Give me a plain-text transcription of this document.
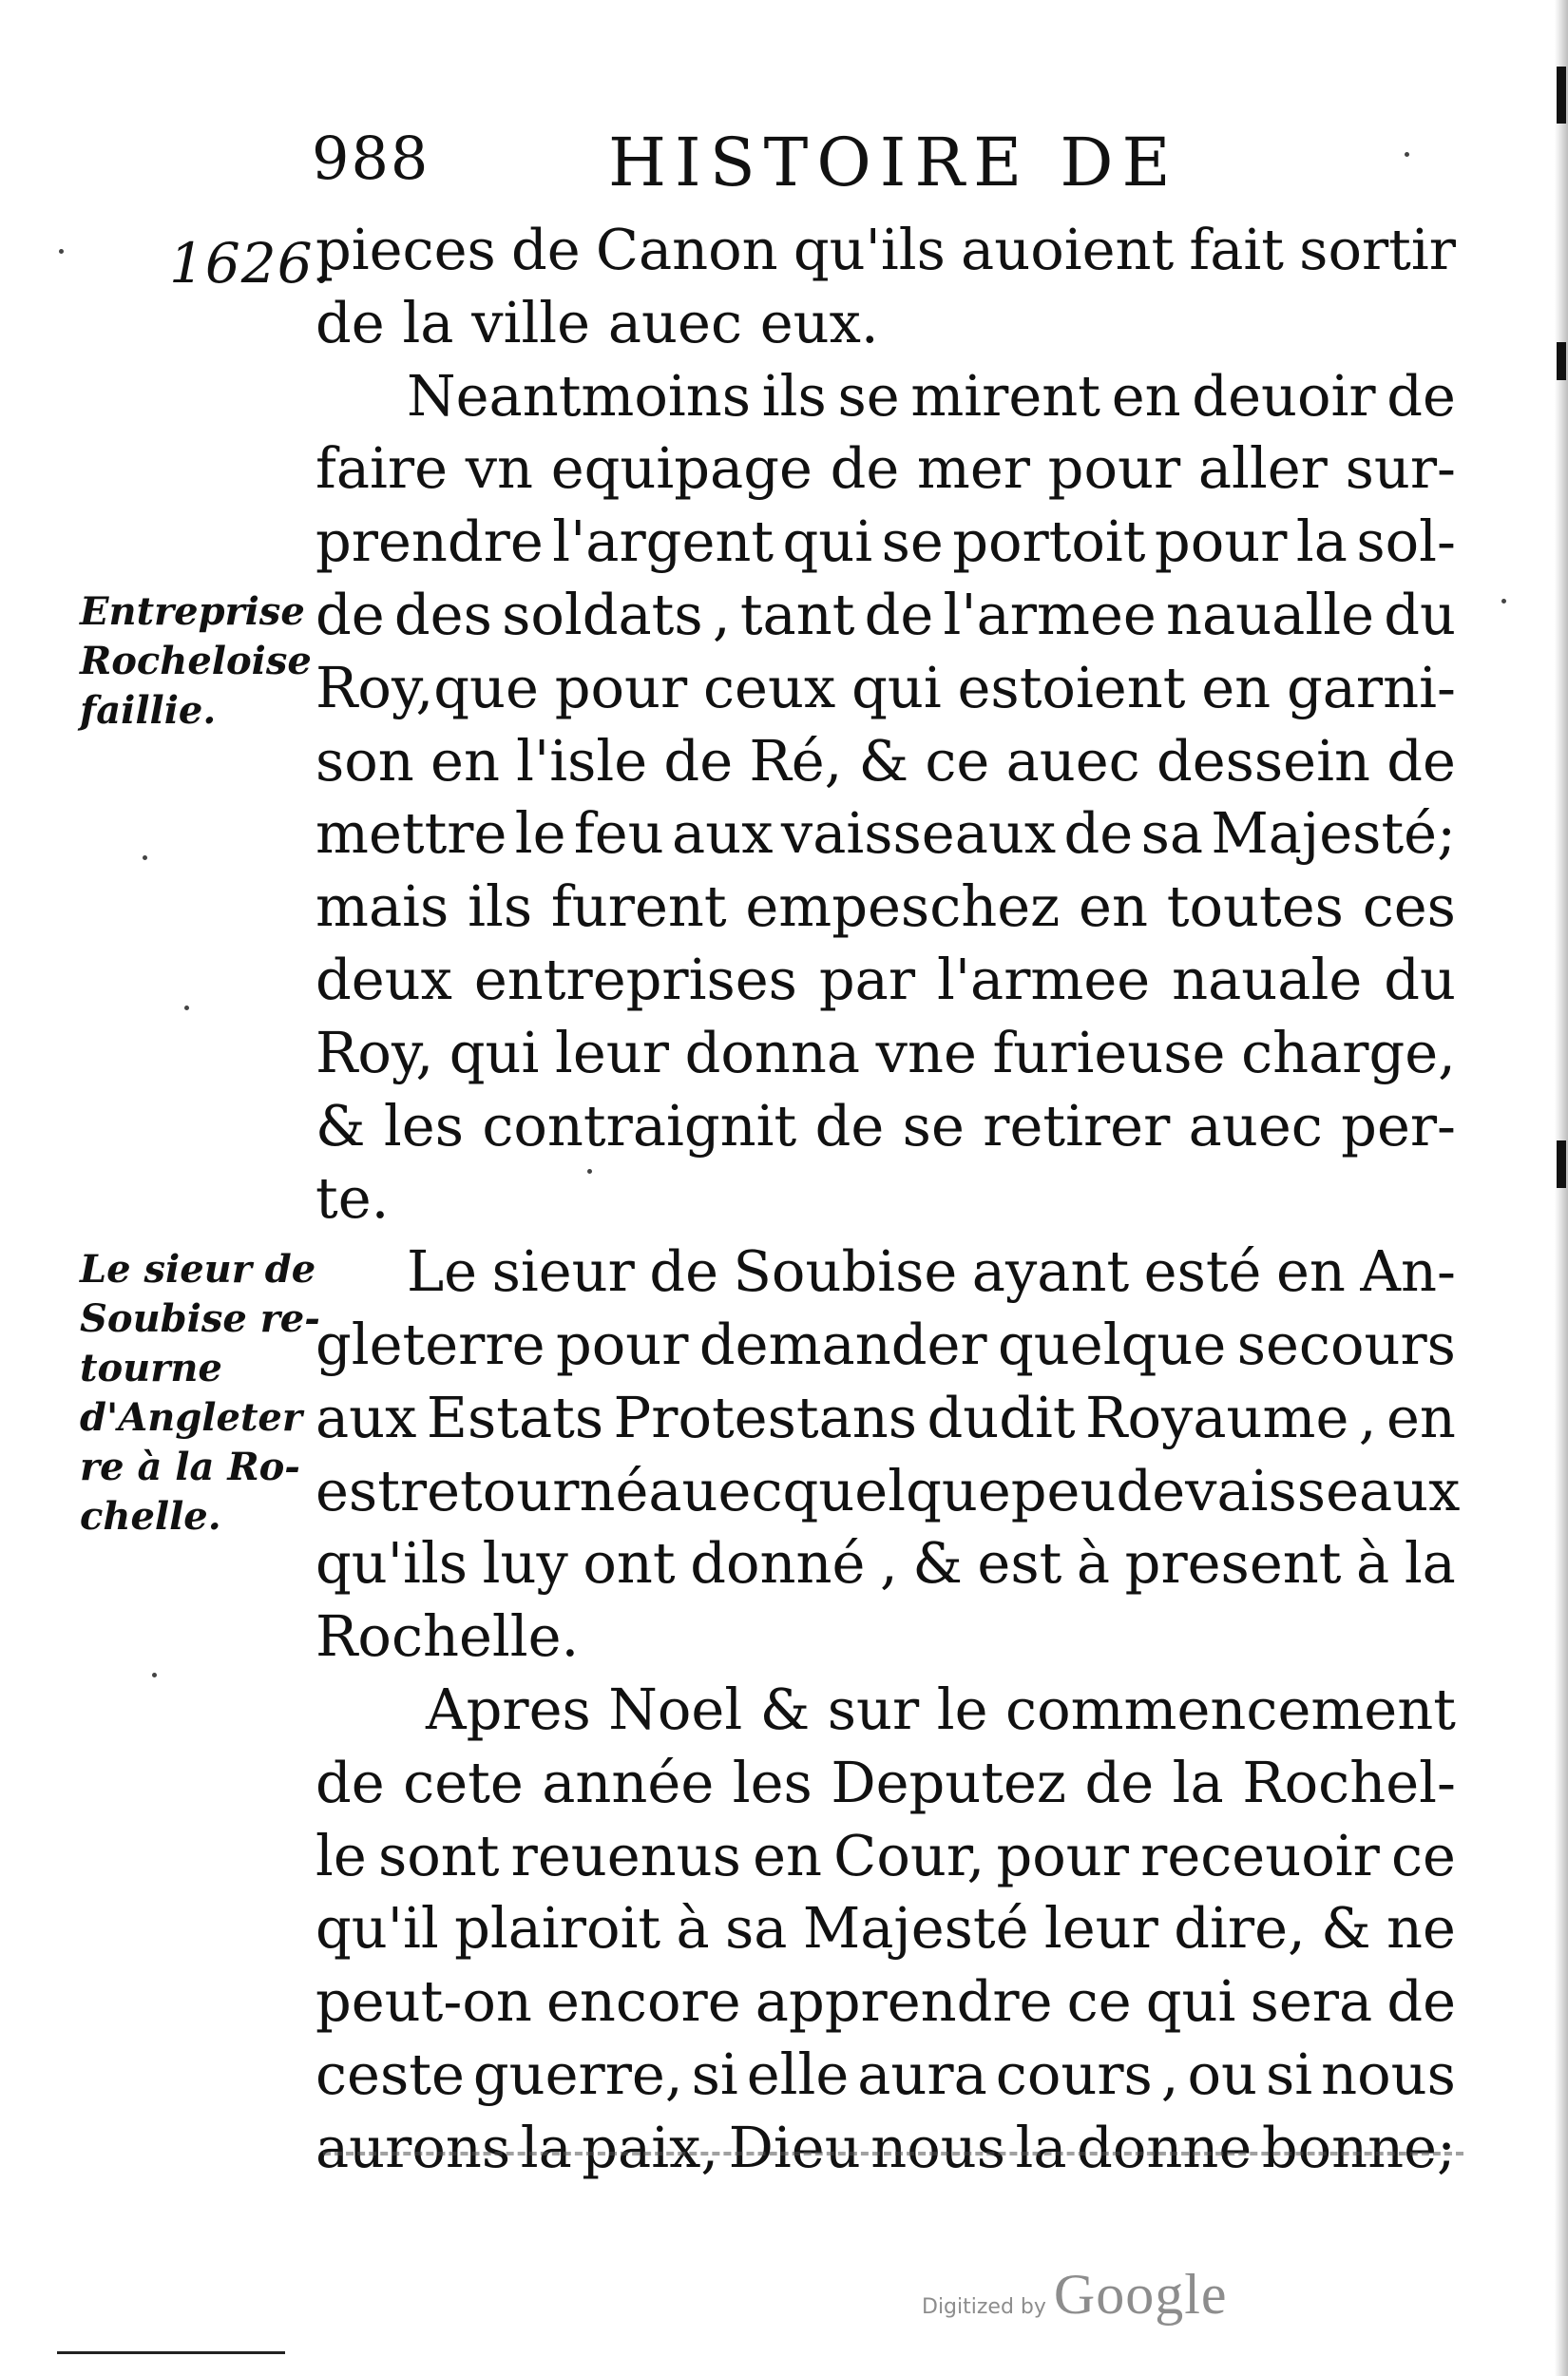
988	HISTOIRE DE
1626.
Entreprise
Rocheloise
faillie.
Le sieur de
Soubise re-
tourne
d'Angleter
re à la Ro-
chelle.
pieces de Canon qu'ils auoient fait sortir
de la ville auec eux.
Neantmoins ils se mirent en deuoir de
faire vn equipage de mer pour aller sur-
prendre l'argent qui se portoit pour la sol-
de des soldats , tant de l'armee naualle du
Roy,que pour ceux qui estoient en garni-
son en l'isle de Ré, & ce auec dessein de
mettre le feu aux vaisseaux de sa Majesté;
mais ils furent empeschez en toutes ces
deux entreprises par l'armee nauale du
Roy, qui leur donna vne furieuse charge,
& les contraignit de se retirer auec per-
te.
Le sieur de Soubise ayant esté en An-
gleterre pour demander quelque secours
aux Estats Protestans dudit Royaume , en
est retourné auec quelque peu de vaisseaux
qu'ils luy ont donné , & est à present à la
Rochelle.
Apres Noel & sur le commencement
de cete année les Deputez de la Rochel-
le sont reuenus en Cour, pour receuoir ce
qu'il plairoit à sa Majesté leur dire, & ne
peut-on encore apprendre ce qui sera de
ceste guerre, si elle aura cours , ou si nous
aurons la paix, Dieu nous la donne bonne;
Digitized by Google
